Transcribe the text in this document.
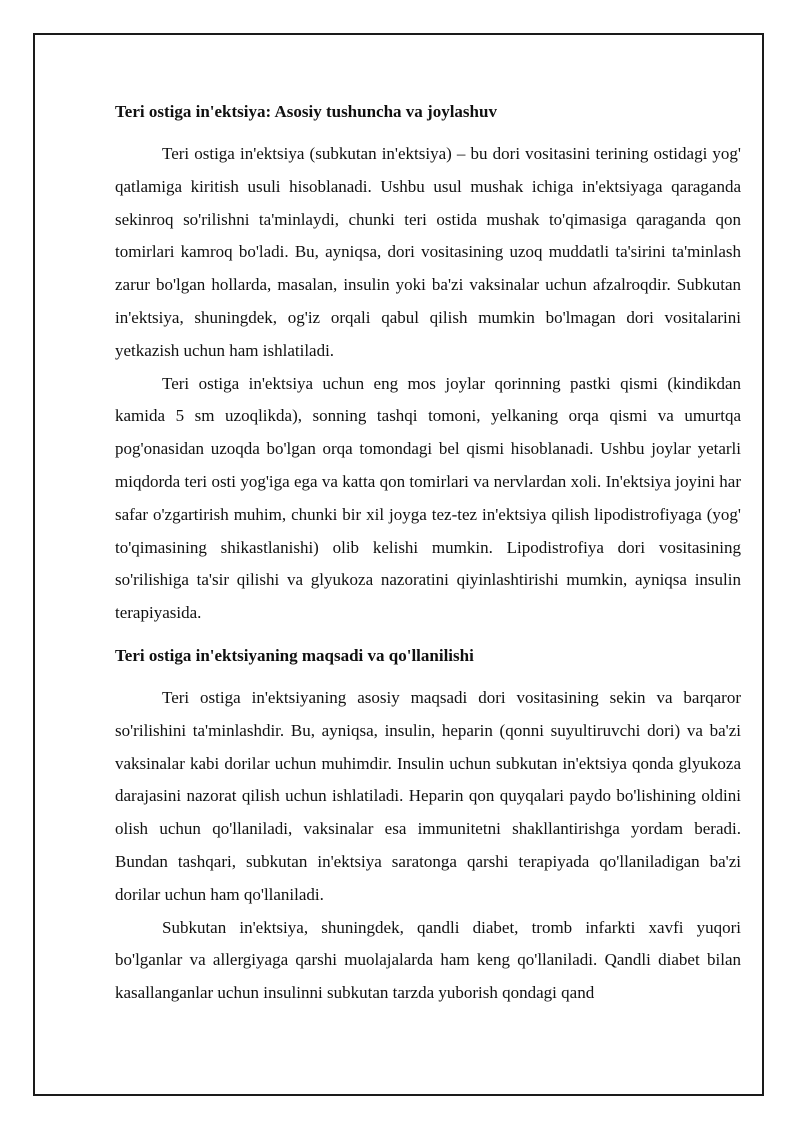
Teri ostiga in'ektsiya: Asosiy tushuncha va joylashuv

Teri ostiga in'ektsiya (subkutan in'ektsiya) – bu dori vositasini terining ostidagi yog' qatlamiga kiritish usuli hisoblanadi. Ushbu usul mushak ichiga in'ektsiyaga qaraganda sekinroq so'rilishni ta'minlaydi, chunki teri ostida mushak to'qimasiga qaraganda qon tomirlari kamroq bo'ladi. Bu, ayniqsa, dori vositasining uzoq muddatli ta'sirini ta'minlash zarur bo'lgan hollarda, masalan, insulin yoki ba'zi vaksinalar uchun afzalroqdir. Subkutan in'ektsiya, shuningdek, og'iz orqali qabul qilish mumkin bo'lmagan dori vositalarini yetkazish uchun ham ishlatiladi.

Teri ostiga in'ektsiya uchun eng mos joylar qorinning pastki qismi (kindikdan kamida 5 sm uzoqlikda), sonning tashqi tomoni, yelkaning orqa qismi va umurtqa pog'onasidan uzoqda bo'lgan orqa tomondagi bel qismi hisoblanadi. Ushbu joylar yetarli miqdorda teri osti yog'iga ega va katta qon tomirlari va nervlardan xoli. In'ektsiya joyini har safar o'zgartirish muhim, chunki bir xil joyga tez-tez in'ektsiya qilish lipodistrofiyaga (yog' to'qimasining shikastlanishi) olib kelishi mumkin. Lipodistrofiya dori vositasining so'rilishiga ta'sir qilishi va glyukoza nazoratini qiyinlashtirishi mumkin, ayniqsa insulin terapiyasida.

Teri ostiga in'ektsiyaning maqsadi va qo'llanilishi

Teri ostiga in'ektsiyaning asosiy maqsadi dori vositasining sekin va barqaror so'rilishini ta'minlashdir. Bu, ayniqsa, insulin, heparin (qonni suyultiruvchi dori) va ba'zi vaksinalar kabi dorilar uchun muhimdir. Insulin uchun subkutan in'ektsiya qonda glyukoza darajasini nazorat qilish uchun ishlatiladi. Heparin qon quyqalari paydo bo'lishining oldini olish uchun qo'llaniladi, vaksinalar esa immunitetni shakllantirishga yordam beradi. Bundan tashqari, subkutan in'ektsiya saratonga qarshi terapiyada qo'llaniladigan ba'zi dorilar uchun ham qo'llaniladi.

Subkutan in'ektsiya, shuningdek, qandli diabet, tromb infarkti xavfi yuqori bo'lganlar va allergiyaga qarshi muolajalarda ham keng qo'llaniladi. Qandli diabet bilan kasallanganlar uchun insulinni subkutan tarzda yuborish qondagi qand
